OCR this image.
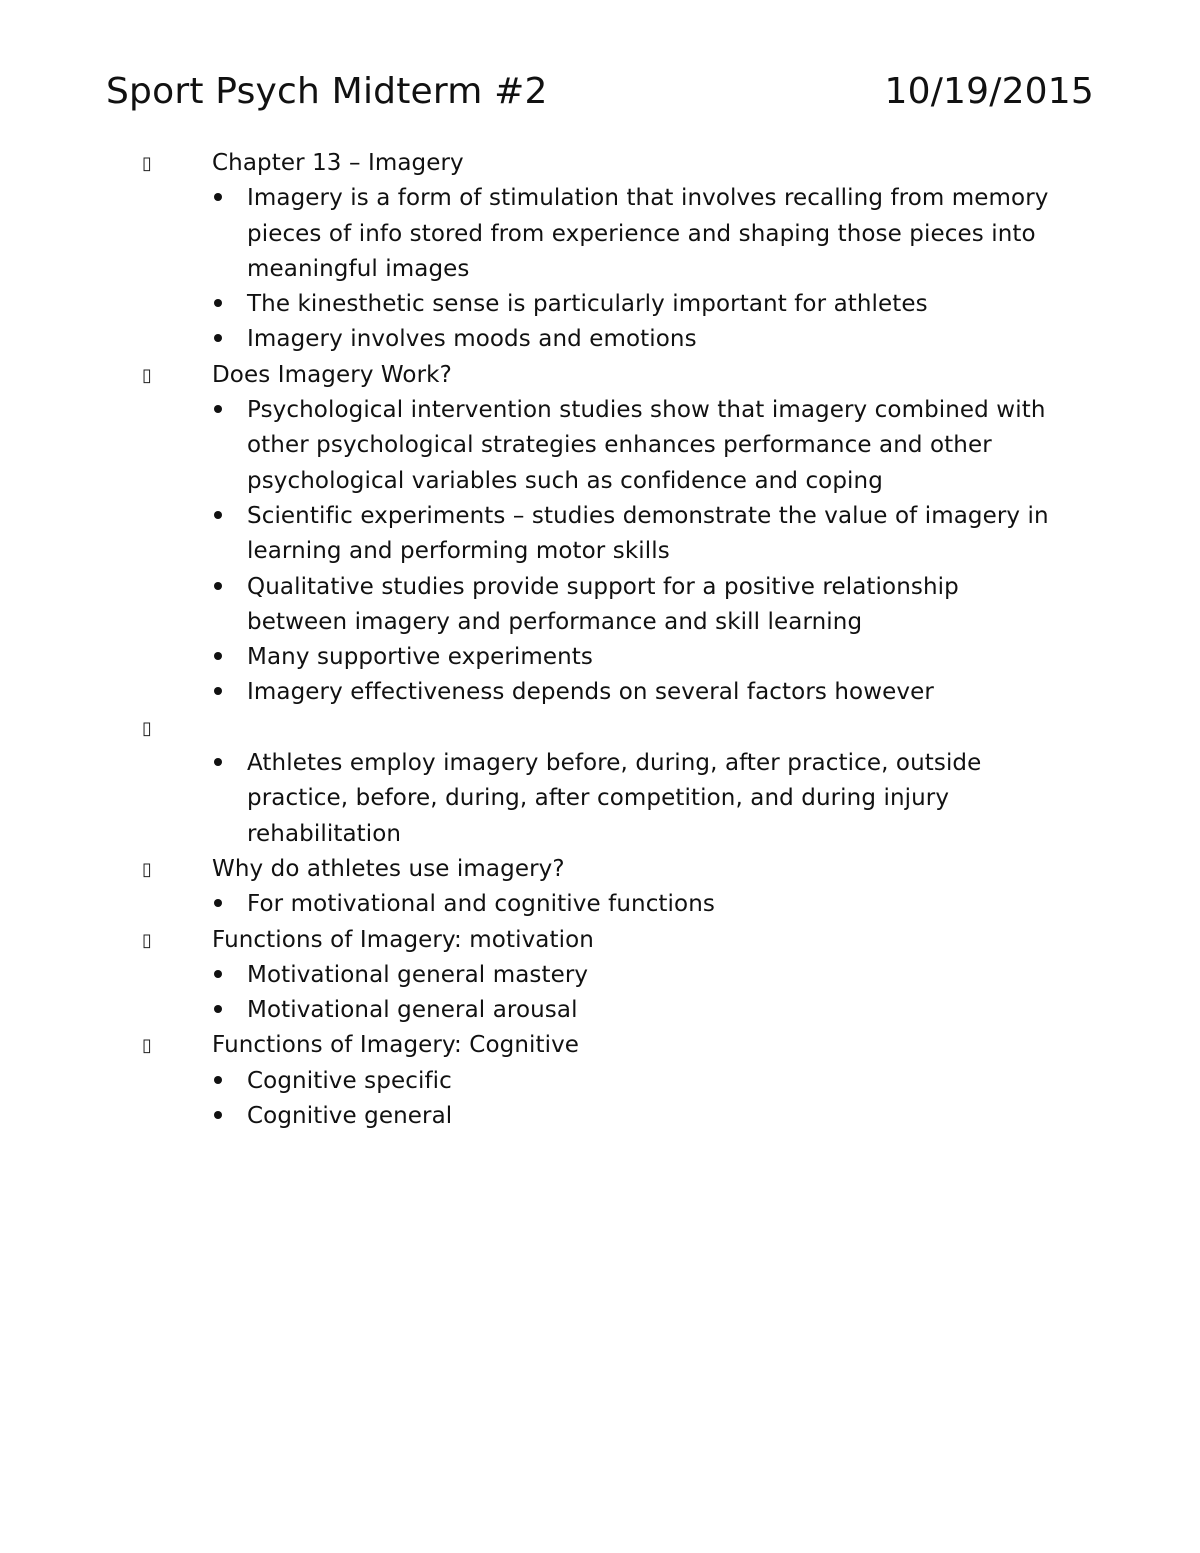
Sport Psych Midterm #2	10/19/2015
▯	Chapter 13 – Imagery
Imagery is a form of stimulation that involves recalling from memory pieces of info stored from experience and shaping those pieces into meaningful images
The kinesthetic sense is particularly important for athletes
Imagery involves moods and emotions
▯	Does Imagery Work?
Psychological intervention studies show that imagery combined with other psychological strategies enhances performance and other psychological variables such as confidence and coping
Scientific experiments – studies demonstrate the value of imagery in learning and performing motor skills
Qualitative studies provide support for a positive relationship between imagery and performance and skill learning
Many supportive experiments
Imagery effectiveness depends on several factors however
▯
Athletes employ imagery before, during, after practice, outside practice, before, during, after competition, and during injury rehabilitation
▯	Why do athletes use imagery?
For motivational and cognitive functions
▯	Functions of Imagery: motivation
Motivational general mastery
Motivational general arousal
▯	Functions of Imagery: Cognitive
Cognitive specific
Cognitive general
